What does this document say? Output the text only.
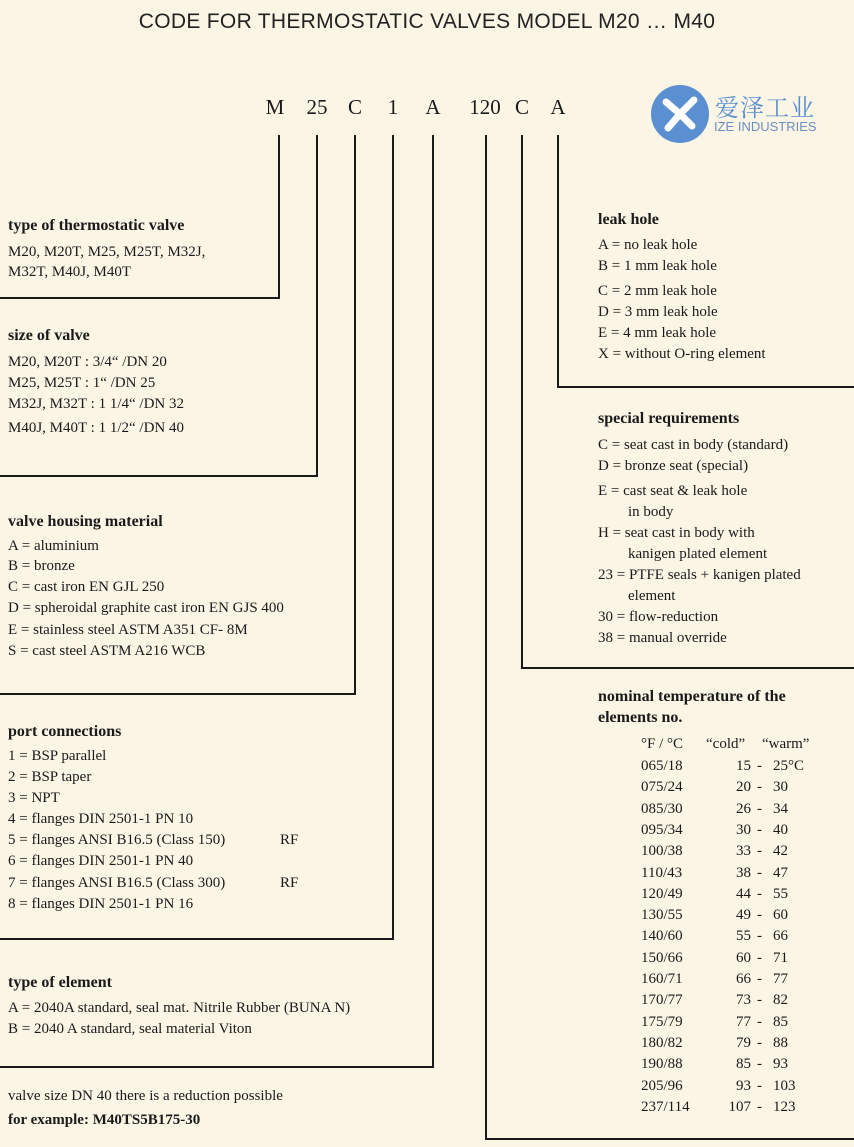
CODE FOR THERMOSTATIC VALVES MODEL M20 … M40
M	25 C	1	A	120 C	A	爱泽工业
IZE INDUSTRIES
type of thermostatic valve
M20, M20T, M25, M25T, M32J,
M32T, M40J, M40T
size of valve
M20, M20T : 3/4“ /DN 20
M25, M25T : 1“ /DN 25
M32J, M32T : 1 1/4“ /DN 32
M40J, M40T : 1 1/2“ /DN 40
valve housing material
A = aluminium
B = bronze
C = cast iron EN GJL 250
D = spheroidal graphite cast iron EN GJS 400
E = stainless steel ASTM A351 CF- 8M
S = cast steel ASTM A216 WCB
port connections
1 = BSP parallel
2 = BSP taper
3 = NPT
4 = flanges DIN 2501-1 PN 10
5 = flanges ANSI B16.5 (Class 150)	RF
6 = flanges DIN 2501-1 PN 40
7 = flanges ANSI B16.5 (Class 300)	RF
8 = flanges DIN 2501-1 PN 16
type of element
A = 2040A standard, seal mat. Nitrile Rubber (BUNA N)
B = 2040 A standard, seal material Viton
valve size DN 40 there is a reduction possible
for example: M40TS5B175-30
leak hole
A = no leak hole
B = 1 mm leak hole
C = 2 mm leak hole
D = 3 mm leak hole
E = 4 mm leak hole
X = without O-ring element
special requirements
C = seat cast in body (standard)
D = bronze seat (special)
E = cast seat & leak hole
in body
H = seat cast in body with
kanigen plated element
23 = PTFE seals + kanigen plated
element
30 = flow-reduction
38 = manual override
nominal temperature of the
elements no.
°F / °C “cold” “warm”
065/18	15 - 25°C
075/24	20 - 30
085/30	26 - 34
095/34	30 - 40
100/38	33 - 42
110/43	38 - 47
120/49	44 - 55
130/55	49 - 60
140/60	55 - 66
150/66	60 - 71
160/71	66 - 77
170/77	73 - 82
175/79	77 - 85
180/82	79 - 88
190/88	85 - 93
205/96	93 - 103
237/114	107 - 123
